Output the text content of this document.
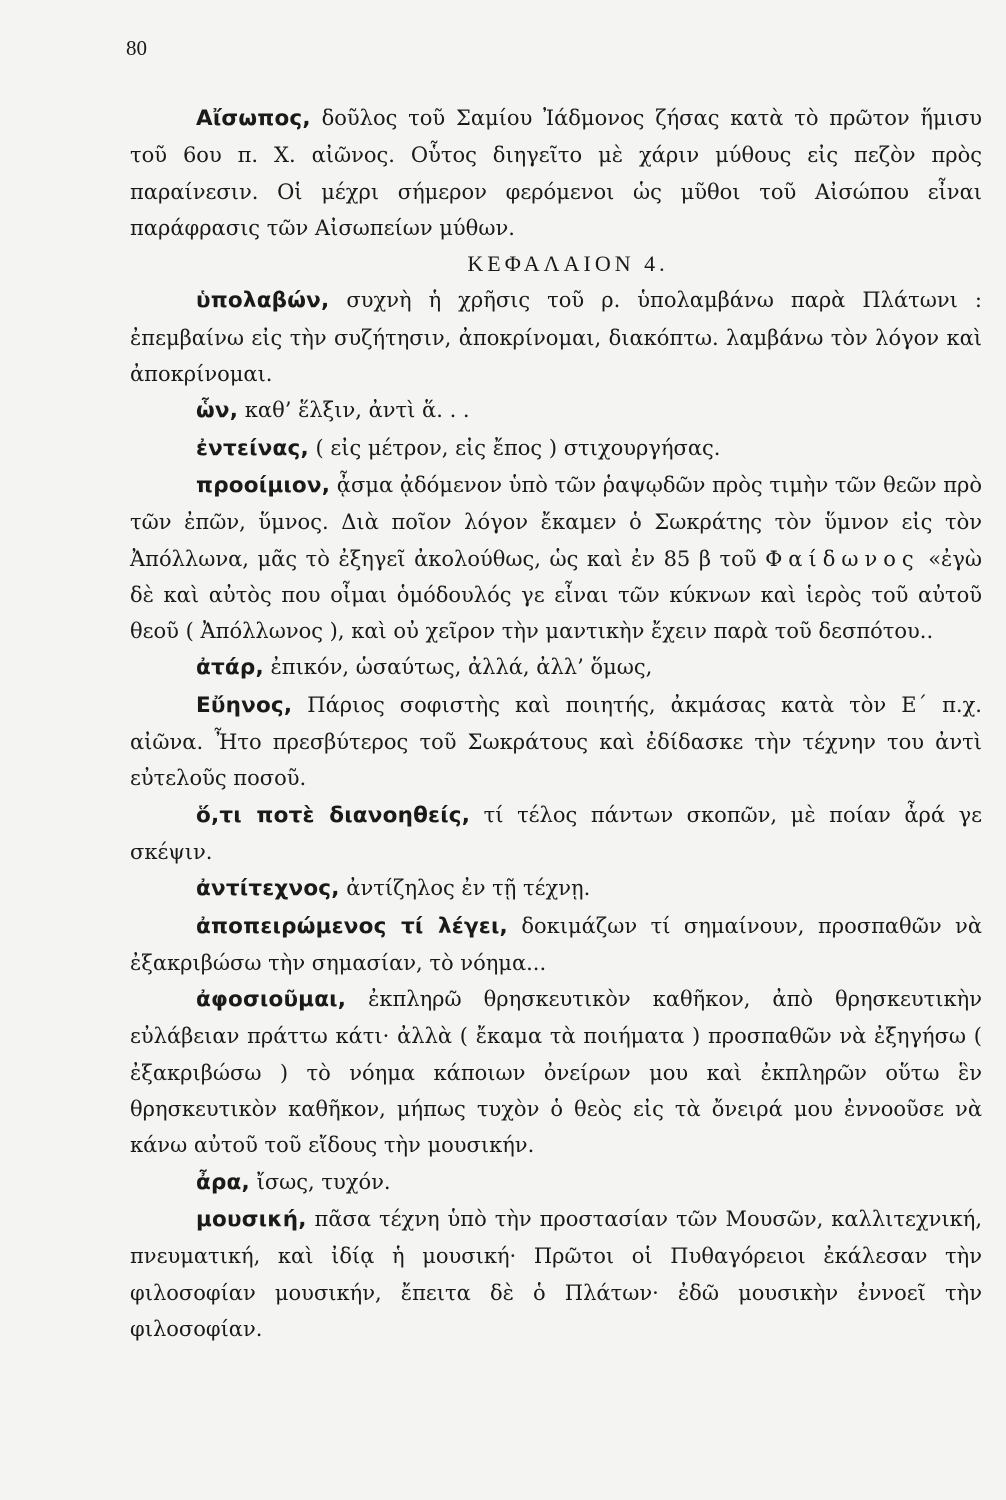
80

Αἴσωπος, δοῦλος τοῦ Σαμίου Ἰάδμονος ζήσας κατὰ τὸ πρῶτον ἥμισυ τοῦ 6ου π. Χ. αἰῶνος. Οὗτος διηγεῖτο μὲ χάριν μύθους εἰς πεζὸν πρὸς παραίνεσιν. Οἱ μέχρι σήμερον φερόμενοι ὡς μῦθοι τοῦ Αἰσώπου εἶναι παράφρασις τῶν Αἰσωπείων μύθων.

ΚΕΦΑΛΑΙΟΝ 4.

ὑπολαβών, συχνὴ ἡ χρῆσις τοῦ ρ. ὑπολαμβάνω παρὰ Πλάτωνι : ἐπεμβαίνω εἰς τὴν συζήτησιν, ἀποκρίνομαι, διακόπτω. λαμβάνω τὸν λόγον καὶ ἀποκρίνομαι.

ὧν, καθ’ ἕλξιν, ἀντὶ ἅ. . .

ἐντείνας, ( εἰς μέτρον, εἰς ἔπος ) στιχουργήσας.

προοίμιον, ᾆσμα ᾀδόμενον ὑπὸ τῶν ῥαψῳδῶν πρὸς τιμὴν τῶν θεῶν πρὸ τῶν ἐπῶν, ὕμνος. Διὰ ποῖον λόγον ἔκαμεν ὁ Σωκράτης τὸν ὕμνον εἰς τὸν Ἀπόλλωνα, μᾶς τὸ ἐξηγεῖ ἀκολούθως, ὡς καὶ ἐν 85 β τοῦ Φαίδωνος «ἐγὼ δὲ καὶ αὐτὸς που οἶμαι ὁμόδουλός γε εἶναι τῶν κύκνων καὶ ἱερὸς τοῦ αὐτοῦ θεοῦ ( Ἀπόλλωνος ), καὶ οὐ χεῖρον τὴν μαντικὴν ἔχειν παρὰ τοῦ δεσπότου..

ἀτάρ, ἐπικόν, ὡσαύτως, ἀλλά, ἀλλ’ ὅμως,

Εὔηνος, Πάριος σοφιστὴς καὶ ποιητής, ἀκμάσας κατὰ τὸν Ε΄ π.χ. αἰῶνα. Ἦτο πρεσβύτερος τοῦ Σωκράτους καὶ ἐδίδασκε τὴν τέχνην του ἀντὶ εὐτελοῦς ποσοῦ.

ὅ,τι ποτὲ διανοηθείς, τί τέλος πάντων σκοπῶν, μὲ ποίαν ἆρά γε σκέψιν.

ἀντίτεχνος, ἀντίζηλος ἐν τῇ τέχνῃ.

ἀποπειρώμενος τί λέγει, δοκιμάζων τί σημαίνουν, προσπαθῶν νὰ ἐξακριβώσω τὴν σημασίαν, τὸ νόημα...

ἀφοσιοῦμαι, ἐκπληρῶ θρησκευτικὸν καθῆκον, ἀπὸ θρησκευτικὴν εὐλάβειαν πράττω κάτι· ἀλλὰ ( ἔκαμα τὰ ποιήματα ) προσπαθῶν νὰ ἐξηγήσω ( ἐξακριβώσω ) τὸ νόημα κάποιων ὀνείρων μου καὶ ἐκπληρῶν οὕτω ἓν θρησκευτικὸν καθῆκον, μήπως τυχὸν ὁ θεὸς εἰς τὰ ὄνειρά μου ἐννοοῦσε νὰ κάνω αὐτοῦ τοῦ εἴδους τὴν μουσικήν.

ἆρα, ἴσως, τυχόν.

μουσική, πᾶσα τέχνη ὑπὸ τὴν προστασίαν τῶν Μουσῶν, καλλιτεχνική, πνευματική, καὶ ἰδίᾳ ἡ μουσική· Πρῶτοι οἱ Πυθαγόρειοι ἐκάλεσαν τὴν φιλοσοφίαν μουσικήν, ἔπειτα δὲ ὁ Πλάτων· ἐδῶ μουσικὴν ἐννοεῖ τὴν φιλοσοφίαν.
